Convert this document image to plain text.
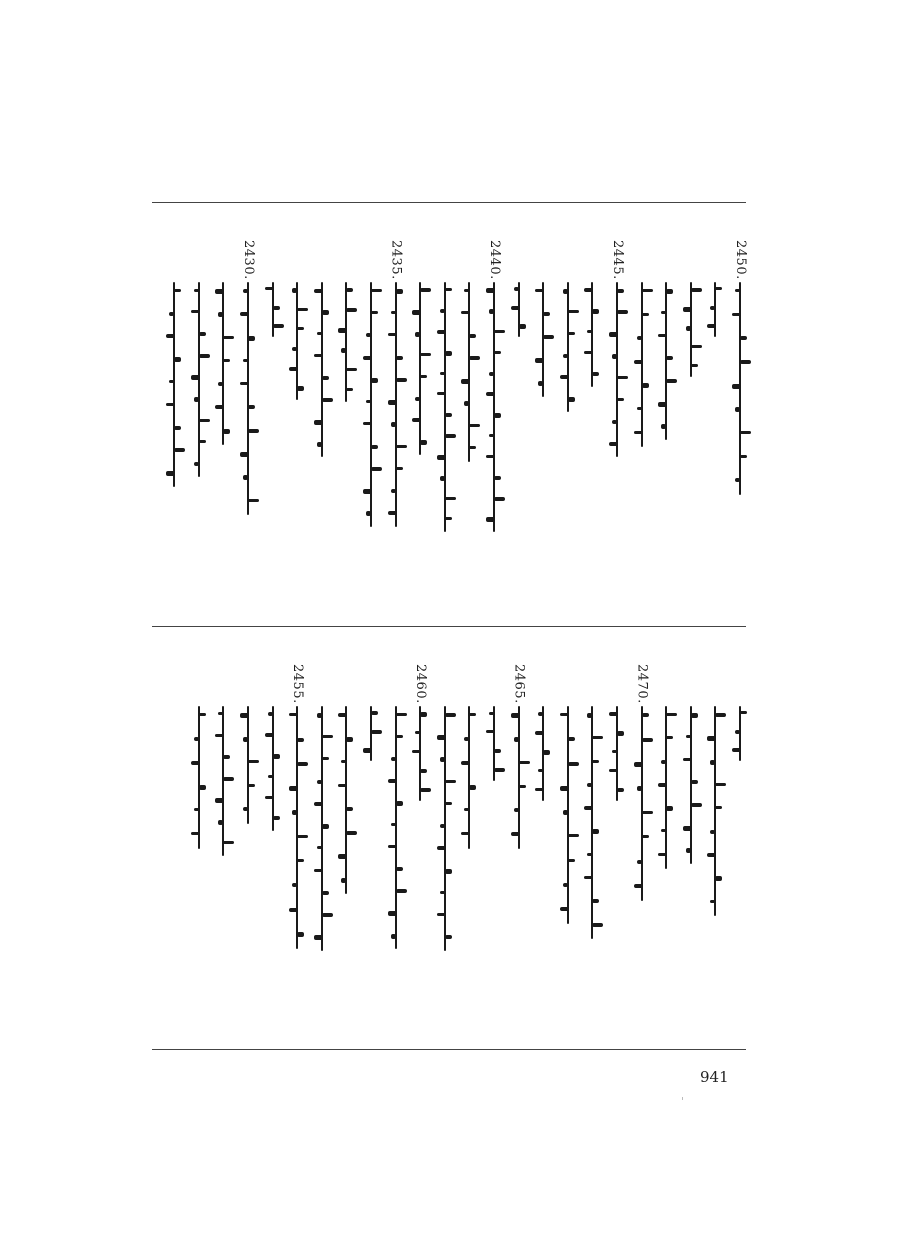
2450.
2445.
2440.
2435.
2430.
2470.
2465.
2460.
2455.
941
